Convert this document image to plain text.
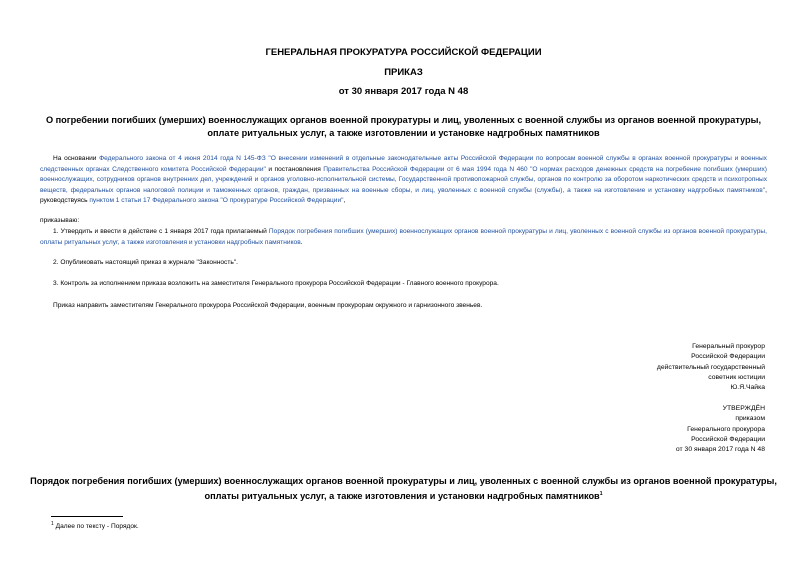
ГЕНЕРАЛЬНАЯ ПРОКУРАТУРА РОССИЙСКОЙ ФЕДЕРАЦИИ
ПРИКАЗ
от 30 января 2017 года N 48
О погребении погибших (умерших) военнослужащих органов военной прокуратуры и лиц, уволенных с военной службы из органов военной прокуратуры, оплате ритуальных услуг, а также изготовлении и установке надгробных памятников
На основании Федерального закона от 4 июня 2014 года N 145-ФЗ "О внесении изменений в отдельные законодательные акты Российской Федерации по вопросам военной службы в органах военной прокуратуры и военных следственных органах Следственного комитета Российской Федерации" и постановления Правительства Российской Федерации от 6 мая 1994 года N 460 "О нормах расходов денежных средств на погребение погибших (умерших) военнослужащих, сотрудников органов внутренних дел, учреждений и органов уголовно-исполнительной системы, Государственной противопожарной службы, органов по контролю за оборотом наркотических средств и психотропных веществ, федеральных органов налоговой полиции и таможенных органов, граждан, призванных на военные сборы, и лиц, уволенных с военной службы (службы), а также на изготовление и установку надгробных памятников", руководствуясь пунктом 1 статьи 17 Федерального закона "О прокуратуре Российской Федерации",
приказываю:
1. Утвердить и ввести в действие с 1 января 2017 года прилагаемый Порядок погребения погибших (умерших) военнослужащих органов военной прокуратуры и лиц, уволенных с военной службы из органов военной прокуратуры, оплаты ритуальных услуг, а также изготовления и установки надгробных памятников.
2. Опубликовать настоящий приказ в журнале "Законность".
3. Контроль за исполнением приказа возложить на заместителя Генерального прокурора Российской Федерации - Главного военного прокурора.
Приказ направить заместителям Генерального прокурора Российской Федерации, военным прокурорам окружного и гарнизонного звеньев.
Генеральный прокурор
Российской Федерации
действительный государственный
советник юстиции
Ю.Я.Чайка
УТВЕРЖДЁН
приказом
Генерального прокурора
Российской Федерации
от 30 января 2017 года N 48
Порядок погребения погибших (умерших) военнослужащих органов военной прокуратуры и лиц, уволенных с военной службы из органов военной прокуратуры, оплаты ритуальных услуг, а также изготовления и установки надгробных памятников$^1$
$^1$ Далее по тексту - Порядок.
